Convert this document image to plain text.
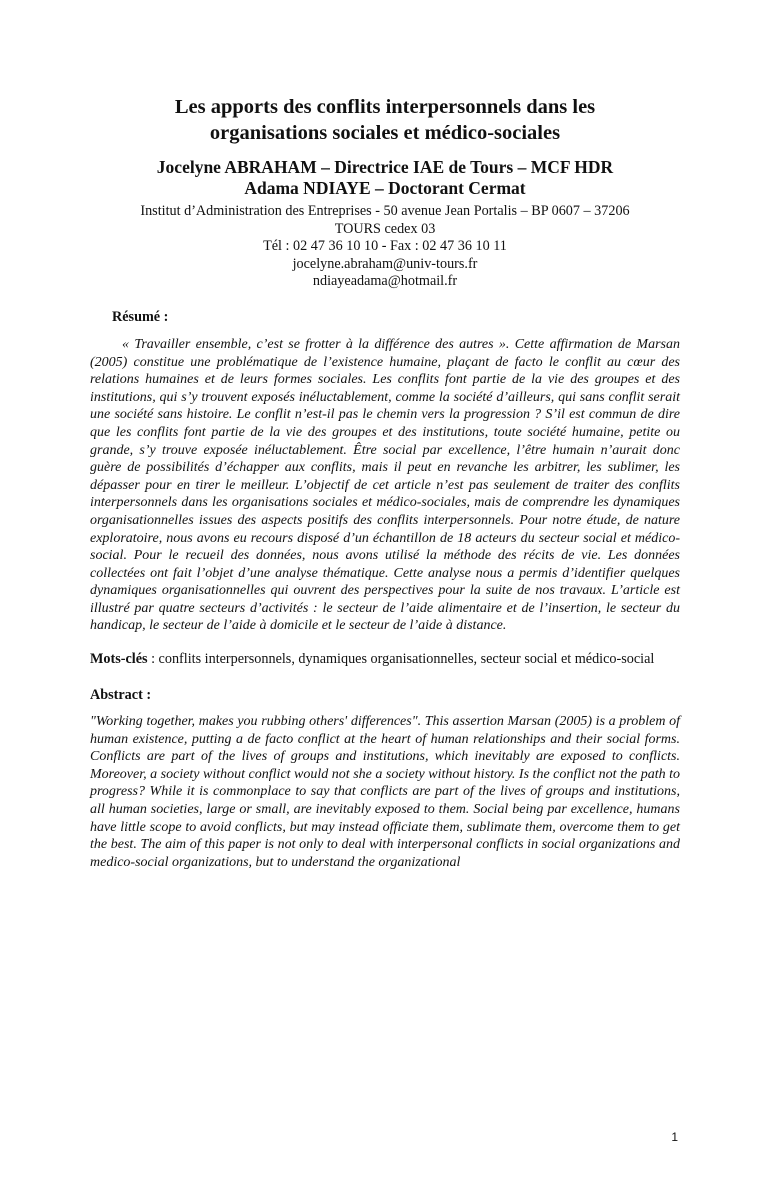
Les apports des conflits interpersonnels dans les
organisations sociales et médico-sociales
Jocelyne ABRAHAM – Directrice IAE de Tours – MCF HDR
Adama NDIAYE – Doctorant Cermat
Institut d’Administration des Entreprises - 50 avenue Jean Portalis – BP 0607 – 37206
TOURS cedex 03
Tél : 02 47 36 10 10 - Fax : 02 47 36 10 11
jocelyne.abraham@univ-tours.fr
ndiayeadama@hotmail.fr
Résumé :

« Travailler ensemble, c’est se frotter à la différence des autres ». Cette affirmation de Marsan (2005) constitue une problématique de l’existence humaine, plaçant de facto le conflit au cœur des relations humaines et de leurs formes sociales. Les conflits font partie de la vie des groupes et des institutions, qui s’y trouvent exposés inéluctablement, comme la société d’ailleurs, qui sans conflit serait une société sans histoire. Le conflit n’est-il pas le chemin vers la progression ? S’il est commun de dire que les conflits font partie de la vie des groupes et des institutions, toute société humaine, petite ou grande, s’y trouve exposée inéluctablement. Être social par excellence, l’être humain n’aurait donc guère de possibilités d’échapper aux conflits, mais il peut en revanche les arbitrer, les sublimer, les dépasser pour en tirer le meilleur. L’objectif de cet article n’est pas seulement de traiter des conflits interpersonnels dans les organisations sociales et médico-sociales, mais de comprendre les dynamiques organisationnelles issues des aspects positifs des conflits interpersonnels. Pour notre étude, de nature exploratoire, nous avons eu recours disposé d’un échantillon de 18 acteurs du secteur social et médico-social. Pour le recueil des données, nous avons utilisé la méthode des récits de vie. Les données collectées ont fait l’objet d’une analyse thématique. Cette analyse nous a permis d’identifier quelques dynamiques organisationnelles qui ouvrent des perspectives pour la suite de nos travaux. L’article est illustré par quatre secteurs d’activités : le secteur de l’aide alimentaire et de l’insertion, le secteur du handicap, le secteur de l’aide à domicile et le secteur de l’aide à distance.

Mots-clés : conflits interpersonnels, dynamiques organisationnelles, secteur social et médico-social
Abstract :

"Working together, makes you rubbing others' differences". This assertion Marsan (2005) is a problem of human existence, putting a de facto conflict at the heart of human relationships and their social forms. Conflicts are part of the lives of groups and institutions, which inevitably are exposed to conflicts. Moreover, a society without conflict would not she a society without history. Is the conflict not the path to progress? While it is commonplace to say that conflicts are part of the lives of groups and institutions, all human societies, large or small, are inevitably exposed to them. Social being par excellence, humans have little scope to avoid conflicts, but may instead officiate them, sublimate them, overcome them to get the best. The aim of this paper is not only to deal with interpersonal conflicts in social organizations and medico-social organizations, but to understand the organizational

1
